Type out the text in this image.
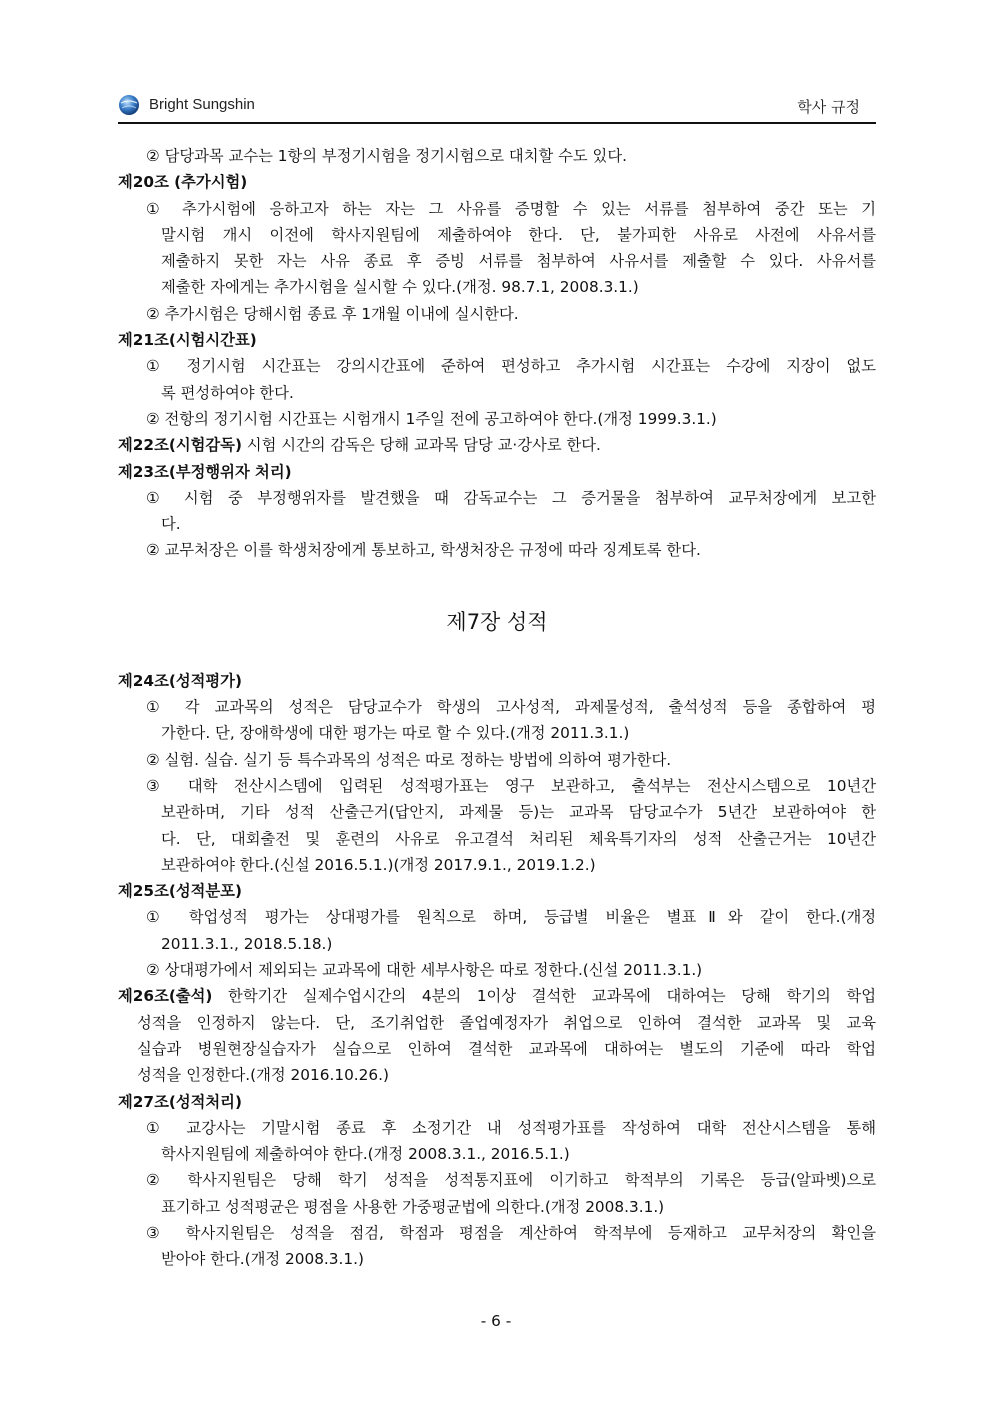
Bright Sungshin	학사 규정
② 담당과목 교수는 1항의 부정기시험을 정기시험으로 대치할 수도 있다.
제20조 (추가시험)
① 추가시험에 응하고자 하는 자는 그 사유를 증명할 수 있는 서류를 첨부하여 중간 또는 기
말시험 개시 이전에 학사지원팀에 제출하여야 한다. 단, 불가피한 사유로 사전에 사유서를
제출하지 못한 자는 사유 종료 후 증빙 서류를 첨부하여 사유서를 제출할 수 있다. 사유서를
제출한 자에게는 추가시험을 실시할 수 있다.(개정. 98.7.1, 2008.3.1.)
② 추가시험은 당해시험 종료 후 1개월 이내에 실시한다.
제21조(시험시간표)
① 정기시험 시간표는 강의시간표에 준하여 편성하고 추가시험 시간표는 수강에 지장이 없도
록 편성하여야 한다.
② 전항의 정기시험 시간표는 시험개시 1주일 전에 공고하여야 한다.(개정 1999.3.1.)
제22조(시험감독) 시험 시간의 감독은 당해 교과목 담당 교·강사로 한다.
제23조(부정행위자 처리)
① 시험 중 부정행위자를 발견했을 때 감독교수는 그 증거물을 첨부하여 교무처장에게 보고한
다.
② 교무처장은 이를 학생처장에게 통보하고, 학생처장은 규정에 따라 징계토록 한다.
제7장 성적
제24조(성적평가)
① 각 교과목의 성적은 담당교수가 학생의 고사성적, 과제물성적, 출석성적 등을 종합하여 평
가한다. 단, 장애학생에 대한 평가는 따로 할 수 있다.(개정 2011.3.1.)
② 실험. 실습. 실기 등 특수과목의 성적은 따로 정하는 방법에 의하여 평가한다.
③ 대학 전산시스템에 입력된 성적평가표는 영구 보관하고, 출석부는 전산시스템으로 10년간
보관하며, 기타 성적 산출근거(답안지, 과제물 등)는 교과목 담당교수가 5년간 보관하여야 한
다. 단, 대회출전 및 훈련의 사유로 유고결석 처리된 체육특기자의 성적 산출근거는 10년간
보관하여야 한다.(신설 2016.5.1.)(개정 2017.9.1., 2019.1.2.)
제25조(성적분포)
① 학업성적 평가는 상대평가를 원칙으로 하며, 등급별 비율은 별표Ⅱ와 같이 한다.(개정
2011.3.1., 2018.5.18.)
② 상대평가에서 제외되는 교과목에 대한 세부사항은 따로 정한다.(신설 2011.3.1.)
제26조(출석) 한학기간 실제수업시간의 4분의 1이상 결석한 교과목에 대하여는 당해 학기의 학업
성적을 인정하지 않는다. 단, 조기취업한 졸업예정자가 취업으로 인하여 결석한 교과목 및 교육
실습과 병원현장실습자가 실습으로 인하여 결석한 교과목에 대하여는 별도의 기준에 따라 학업
성적을 인정한다.(개정 2016.10.26.)
제27조(성적처리)
① 교강사는 기말시험 종료 후 소정기간 내 성적평가표를 작성하여 대학 전산시스템을 통해
학사지원팀에 제출하여야 한다.(개정 2008.3.1., 2016.5.1.)
② 학사지원팀은 당해 학기 성적을 성적통지표에 이기하고 학적부의 기록은 등급(알파벳)으로
표기하고 성적평균은 평점을 사용한 가중평균법에 의한다.(개정 2008.3.1.)
③ 학사지원팀은 성적을 점검, 학점과 평점을 계산하여 학적부에 등재하고 교무처장의 확인을
받아야 한다.(개정 2008.3.1.)
- 6 -
